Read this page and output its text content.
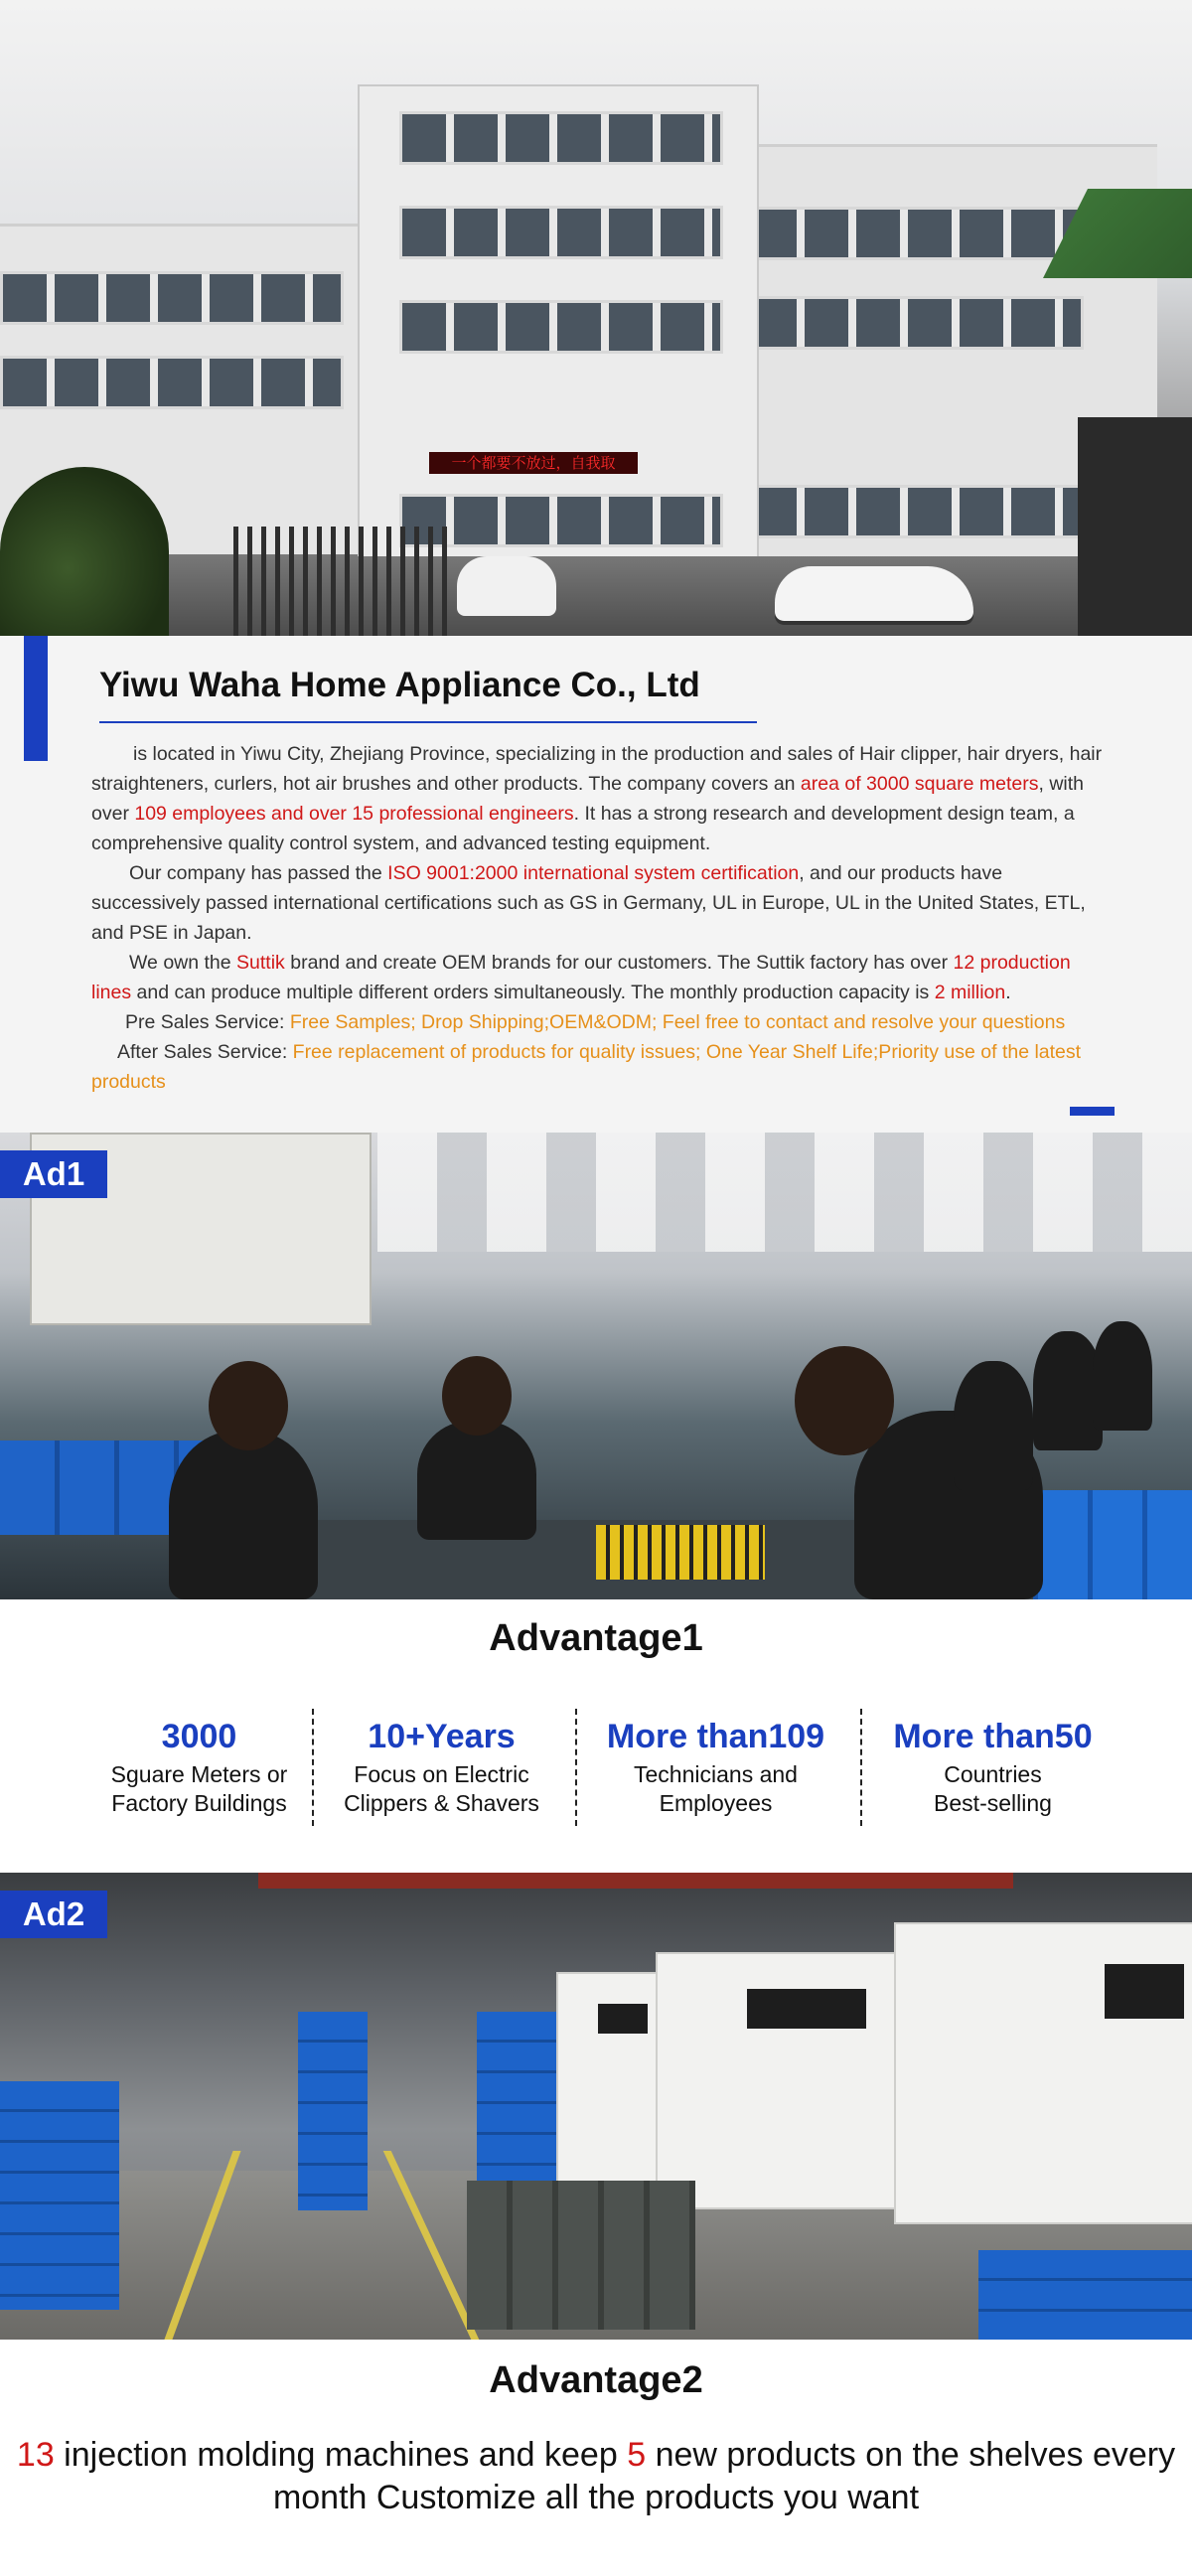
一个都要不放过，自我取
Yiwu Waha Home Appliance Co., Ltd

is located in Yiwu City, Zhejiang Province, specializing in the production and sales of Hair clipper, hair dryers, hair straighteners, curlers, hot air brushes and other products. The company covers an area of 3000 square meters, with over 109 employees and over 15 professional engineers. It has a strong research and development design team, a comprehensive quality control system, and advanced testing equipment.

Our company has passed the ISO 9001:2000 international system certification, and our products have successively passed international certifications such as GS in Germany, UL in Europe, UL in the United States, ETL, and PSE in Japan.

We own the Suttik brand and create OEM brands for our customers. The Suttik factory has over 12 production lines and can produce multiple different orders simultaneously. The monthly production capacity is 2 million.

Pre Sales Service: Free Samples; Drop Shipping;OEM&ODM; Feel free to contact and resolve your questions

After Sales Service: Free replacement of products for quality issues; One Year Shelf Life;Priority use of the latest products

Ad1
Advantage1
3000
Sguare Meters or
Factory Buildings
10+Years
Focus on Electric
Clippers & Shavers
More than109
Technicians and
Employees
More than50
Countries
Best-selling
Ad2
Advantage2
13 injection molding machines and keep 5 new products on the shelves every month Customize all the products you want
